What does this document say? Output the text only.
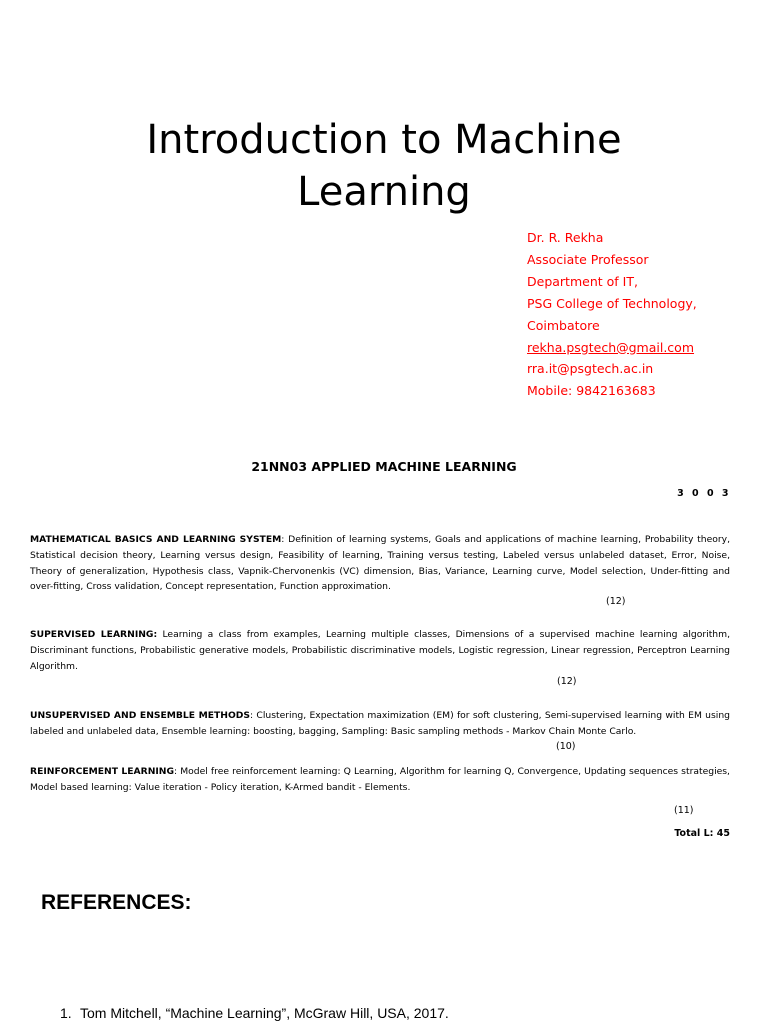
Introduction to Machine
Learning
Dr. R. Rekha
Associate Professor
Department of IT,
PSG College of Technology,
Coimbatore
rekha.psgtech@gmail.com
rra.it@psgtech.ac.in
Mobile: 9842163683
21NN03 APPLIED MACHINE LEARNING
3 0 0 3
MATHEMATICAL BASICS AND LEARNING SYSTEM: Definition of learning systems, Goals and applications of machine learning, Probability theory, Statistical decision theory, Learning versus design, Feasibility of learning, Training versus testing, Labeled versus unlabeled dataset, Error, Noise, Theory of generalization, Hypothesis class, Vapnik-Chervonenkis (VC) dimension, Bias, Variance, Learning curve, Model selection, Under-fitting and over-fitting, Cross validation, Concept representation, Function approximation.
(12)
SUPERVISED LEARNING: Learning a class from examples, Learning multiple classes, Dimensions of a supervised machine learning algorithm, Discriminant functions, Probabilistic generative models, Probabilistic discriminative models, Logistic regression, Linear regression, Perceptron Learning Algorithm.
(12)
UNSUPERVISED AND ENSEMBLE METHODS: Clustering, Expectation maximization (EM) for soft clustering, Semi-supervised learning with EM using labeled and unlabeled data, Ensemble learning: boosting, bagging, Sampling: Basic sampling methods - Markov Chain Monte Carlo.
(10)
REINFORCEMENT LEARNING: Model free reinforcement learning: Q Learning, Algorithm for learning Q, Convergence, Updating sequences strategies, Model based learning: Value iteration - Policy iteration, K-Armed bandit - Elements.
(11)
Total L: 45
REFERENCES:
1. Tom Mitchell, “Machine Learning”, McGraw Hill, USA, 2017.
